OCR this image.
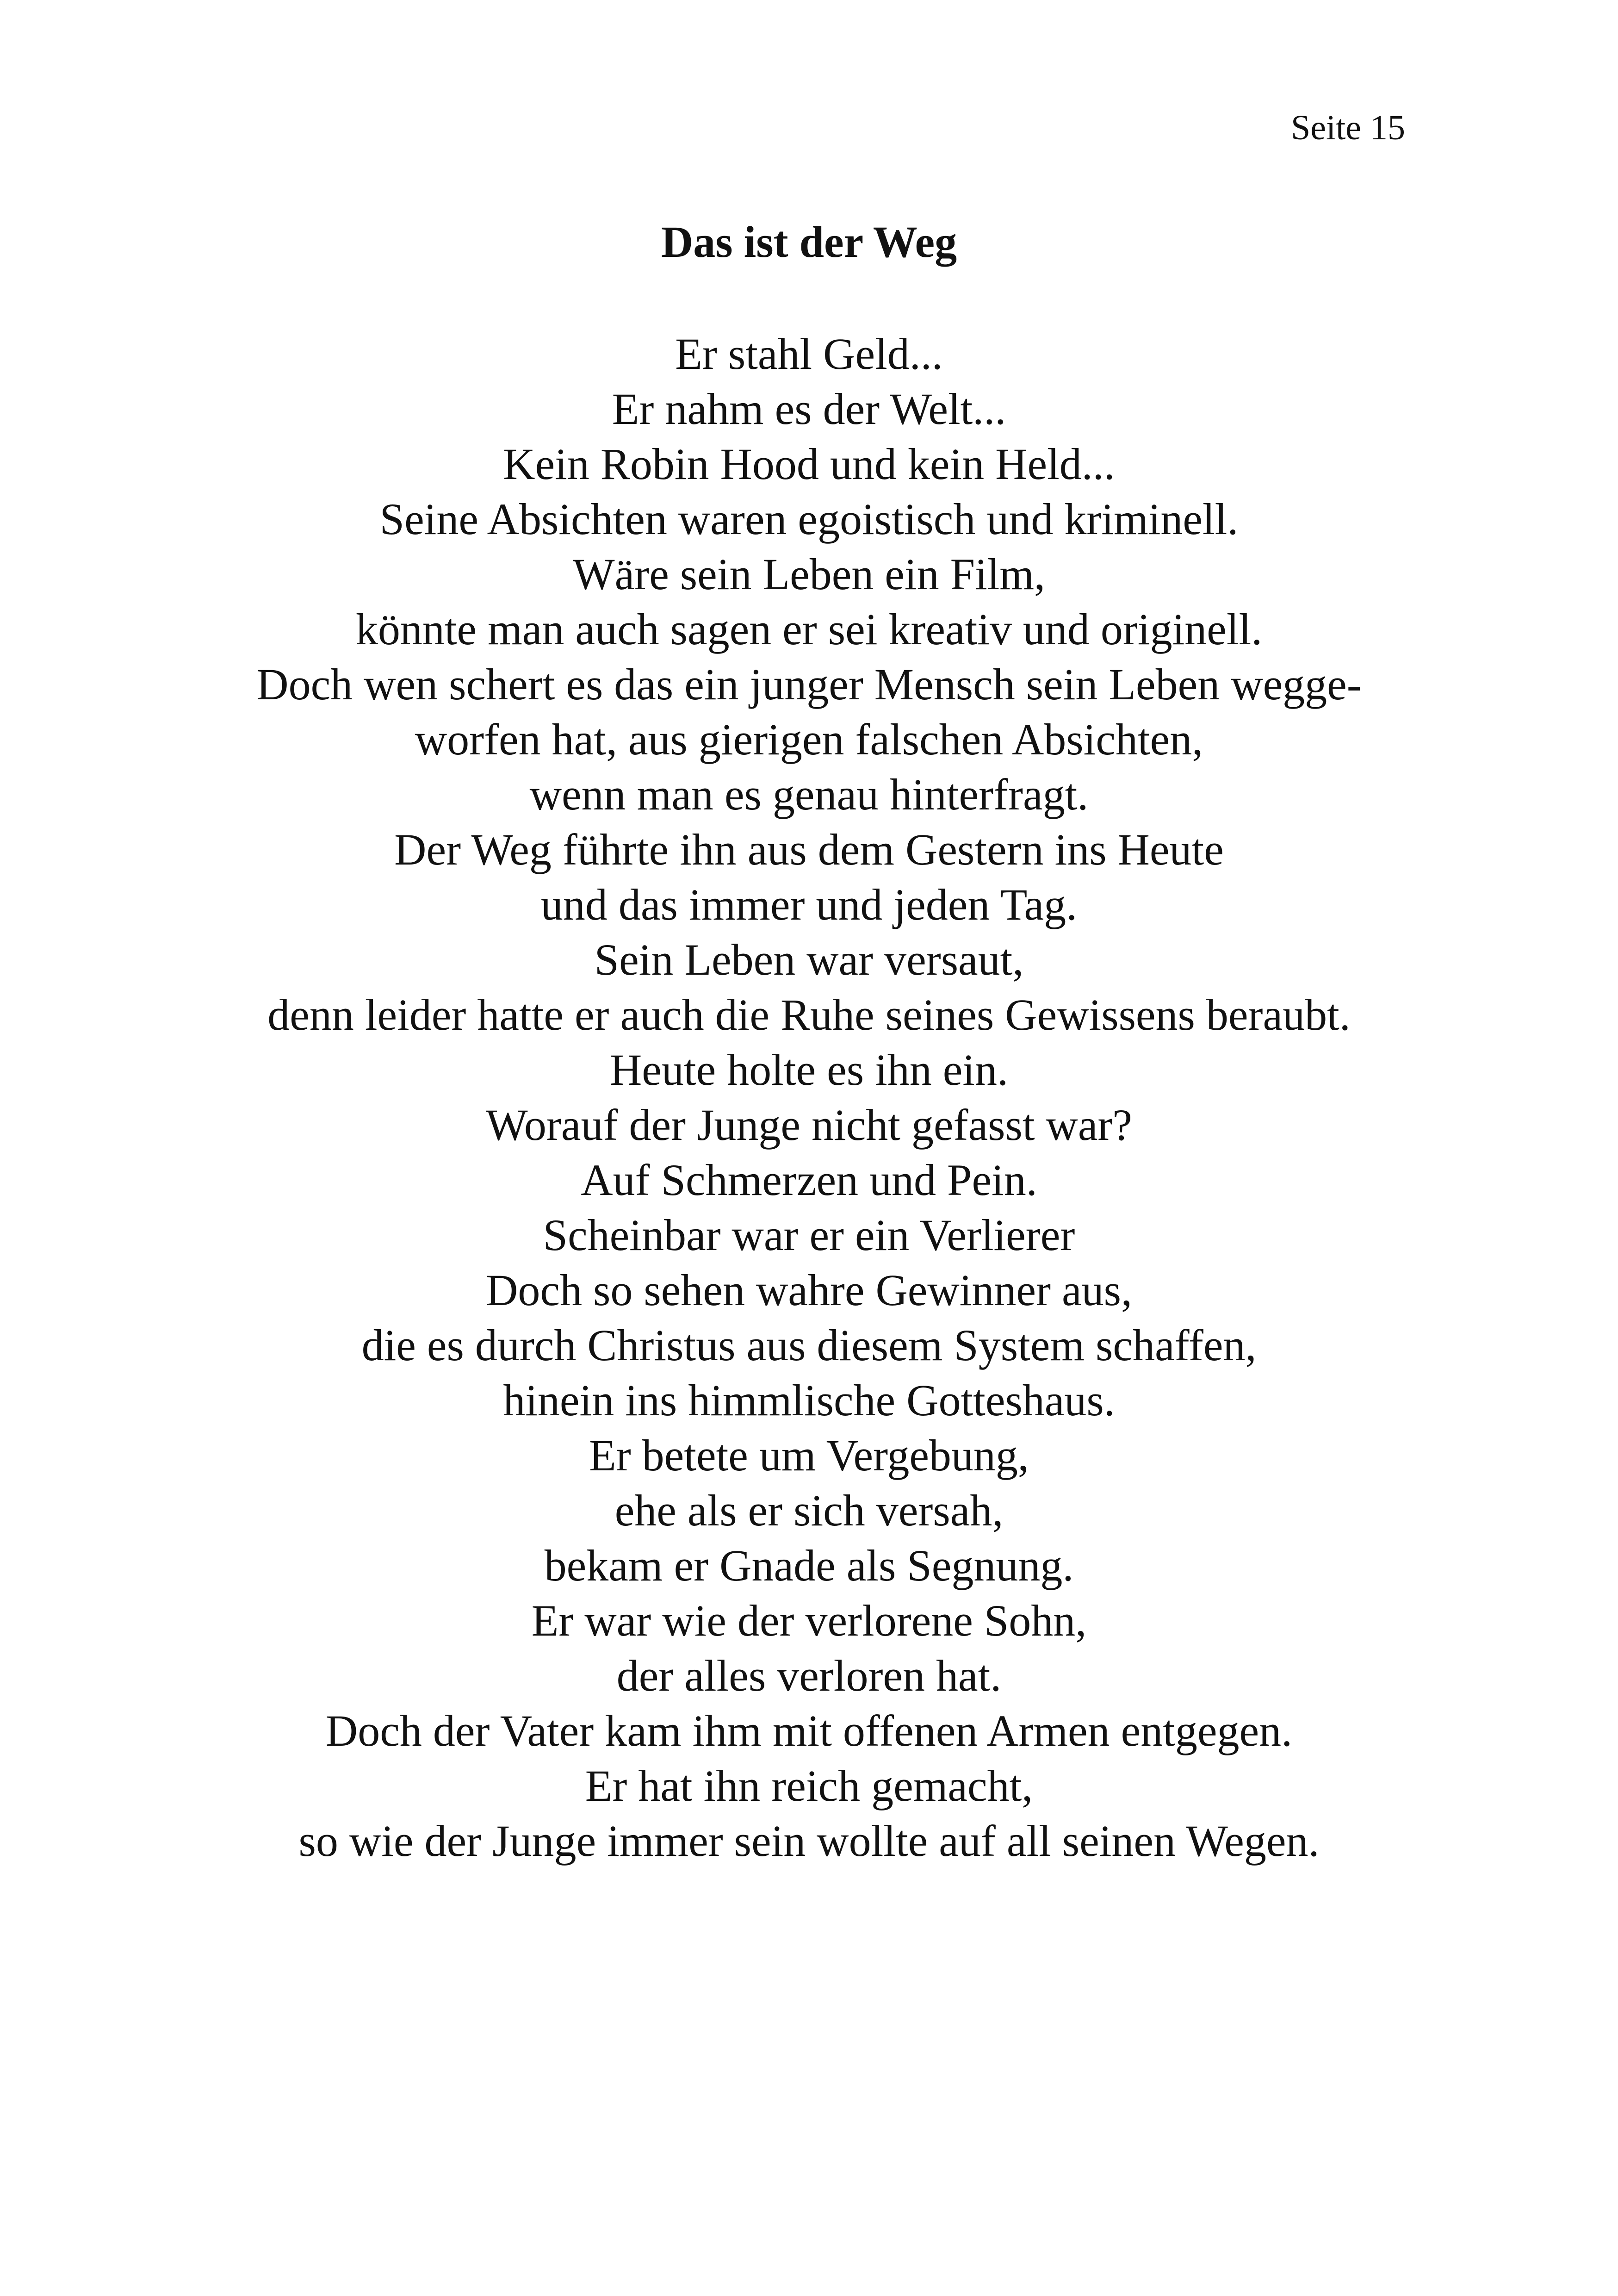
Seite 15
Das ist der Weg
Er stahl Geld...
Er nahm es der Welt...
Kein Robin Hood und kein Held...
Seine Absichten waren egoistisch und kriminell.
Wäre sein Leben ein Film,
könnte man auch sagen er sei kreativ und originell.
Doch wen schert es das ein junger Mensch sein Leben wegge-
worfen hat, aus gierigen falschen Absichten,
wenn man es genau hinterfragt.
Der Weg führte ihn aus dem Gestern ins Heute
und das immer und jeden Tag.
Sein Leben war versaut,
denn leider hatte er auch die Ruhe seines Gewissens beraubt.
Heute holte es ihn ein.
Worauf der Junge nicht gefasst war?
Auf Schmerzen und Pein.
Scheinbar war er ein Verlierer
Doch so sehen wahre Gewinner aus,
die es durch Christus aus diesem System schaffen,
hinein ins himmlische Gotteshaus.
Er betete um Vergebung,
ehe als er sich versah,
bekam er Gnade als Segnung.
Er war wie der verlorene Sohn,
der alles verloren hat.
Doch der Vater kam ihm mit offenen Armen entgegen.
Er hat ihn reich gemacht,
so wie der Junge immer sein wollte auf all seinen Wegen.
